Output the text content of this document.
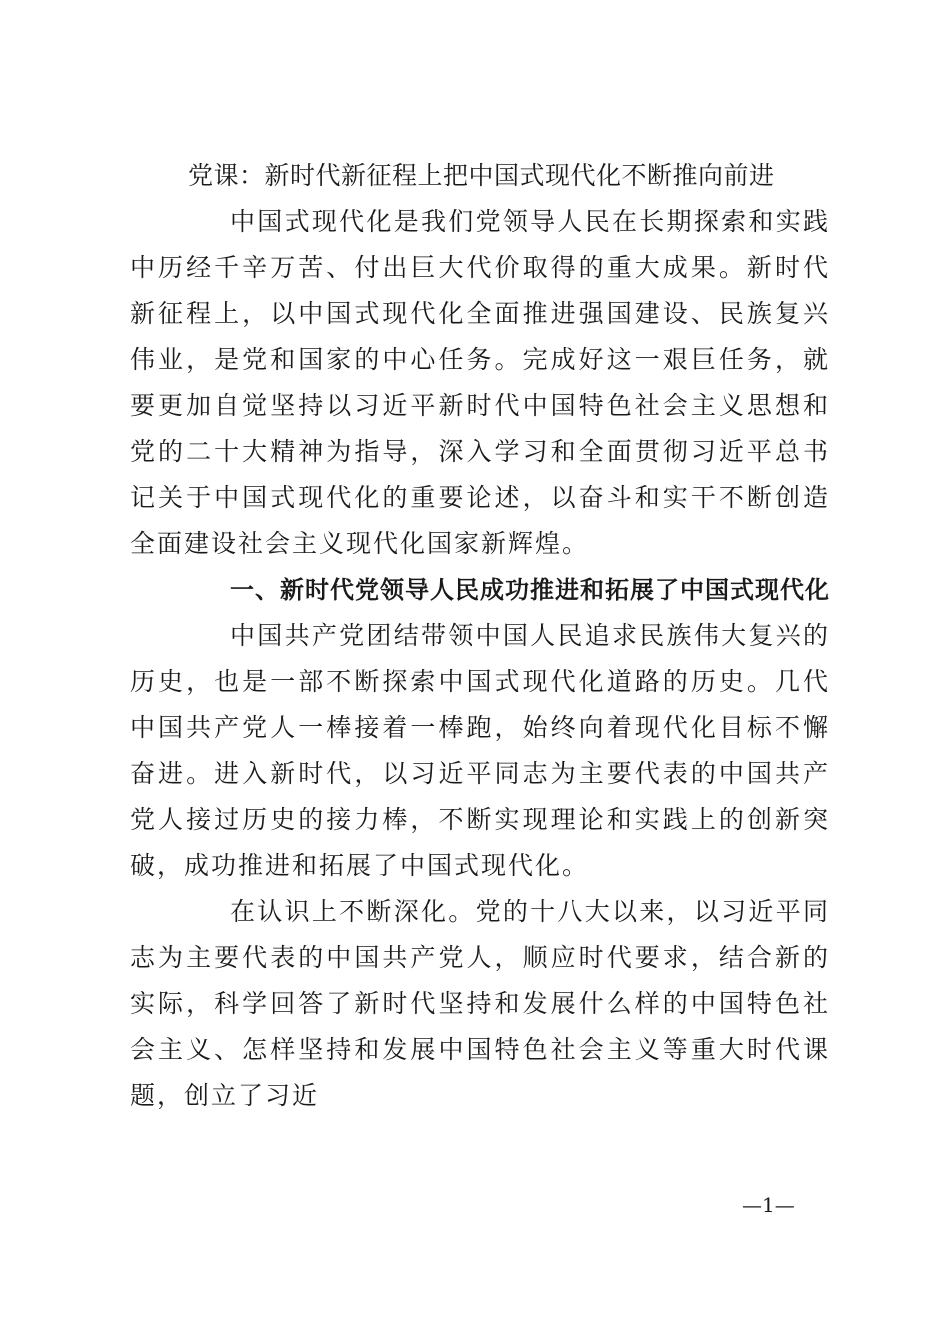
党课：新时代新征程上把中国式现代化不断推向前进

中国式现代化是我们党领导人民在长期探索和实践中历经千辛万苦、付出巨大代价取得的重大成果。新时代新征程上，以中国式现代化全面推进强国建设、民族复兴伟业，是党和国家的中心任务。完成好这一艰巨任务，就要更加自觉坚持以习近平新时代中国特色社会主义思想和党的二十大精神为指导，深入学习和全面贯彻习近平总书记关于中国式现代化的重要论述，以奋斗和实干不断创造全面建设社会主义现代化国家新辉煌。

一、新时代党领导人民成功推进和拓展了中国式现代化

中国共产党团结带领中国人民追求民族伟大复兴的历史，也是一部不断探索中国式现代化道路的历史。几代中国共产党人一棒接着一棒跑，始终向着现代化目标不懈奋进。进入新时代，以习近平同志为主要代表的中国共产党人接过历史的接力棒，不断实现理论和实践上的创新突破，成功推进和拓展了中国式现代化。

在认识上不断深化。党的十八大以来，以习近平同志为主要代表的中国共产党人，顺应时代要求，结合新的实际，科学回答了新时代坚持和发展什么样的中国特色社会主义、怎样坚持和发展中国特色社会主义等重大时代课题，创立了习近

—1—
